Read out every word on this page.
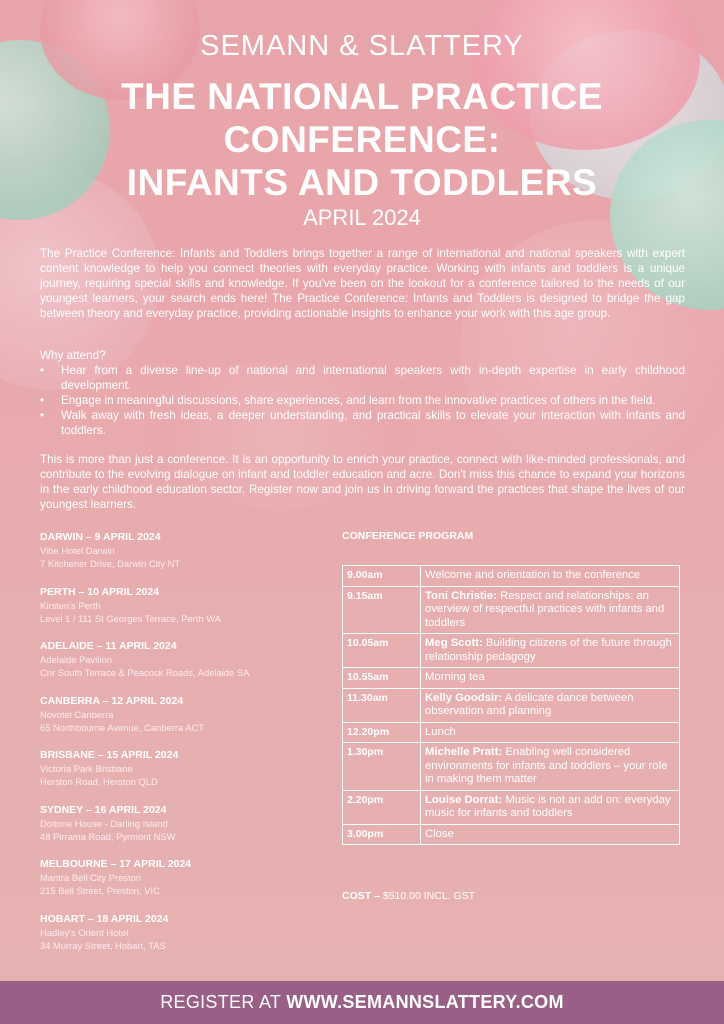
SEMANN & SLATTERY
THE NATIONAL PRACTICE
CONFERENCE:
INFANTS AND TODDLERS
APRIL 2024
The Practice Conference: Infants and Toddlers brings together a range of international and national speakers with expert content knowledge to help you connect theories with everyday practice. Working with infants and toddlers is a unique journey, requiring special skills and knowledge. If you've been on the lookout for a conference tailored to the needs of our youngest learners, your search ends here! The Practice Conference: Infants and Toddlers is designed to bridge the gap between theory and everyday practice, providing actionable insights to enhance your work with this age group.
Why attend?
• Hear from a diverse line-up of national and international speakers with in-depth expertise in early childhood development.
• Engage in meaningful discussions, share experiences, and learn from the innovative practices of others in the field.
• Walk away with fresh ideas, a deeper understanding, and practical skills to elevate your interaction with infants and toddlers.
This is more than just a conference. It is an opportunity to enrich your practice, connect with like-minded professionals, and contribute to the evolving dialogue on infant and toddler education and acre. Don't miss this chance to expand your horizons in the early childhood education sector. Register now and join us in driving forward the practices that shape the lives of our youngest learners.
DARWIN – 9 APRIL 2024
Vibe Hotel Darwin
7 Kitchener Drive, Darwin City NT
PERTH – 10 APRIL 2024
Kirsten's Perth
Level 1 / 111 St Georges Terrace, Perth WA
ADELAIDE – 11 APRIL 2024
Adelaide Pavilion
Cnr South Terrace & Peacock Roads, Adelaide SA
CANBERRA – 12 APRIL 2024
Novotel Canberra
65 Northbourne Avenue, Canberra ACT
BRISBANE – 15 APRIL 2024
Victoria Park Brisbane
Herston Road, Herston QLD
SYDNEY – 16 APRIL 2024
Doltone House - Darling Island
48 Pirrama Road, Pyrmont NSW
MELBOURNE – 17 APRIL 2024
Mantra Bell City Preston
215 Bell Street, Preston, VIC
HOBART – 18 APRIL 2024
Hadley's Orient Hotel
34 Murray Street, Hobart, TAS
CONFERENCE PROGRAM
9.00am	Welcome and orientation to the conference
9.15am	Toni Christie: Respect and relationships: an overview of respectful practices with infants and toddlers
10.05am	Meg Scott: Building citizens of the future through relationship pedagogy
10.55am	Morning tea
11.30am	Kelly Goodsir: A delicate dance between observation and planning
12.20pm	Lunch
1.30pm	Michelle Pratt: Enabling well considered environments for infants and toddlers – your role in making them matter
2.20pm	Louise Dorrat: Music is not an add on: everyday music for infants and toddlers
3.00pm	Close
COST – $510.00 INCL. GST
REGISTER AT WWW.SEMANNSLATTERY.COM
